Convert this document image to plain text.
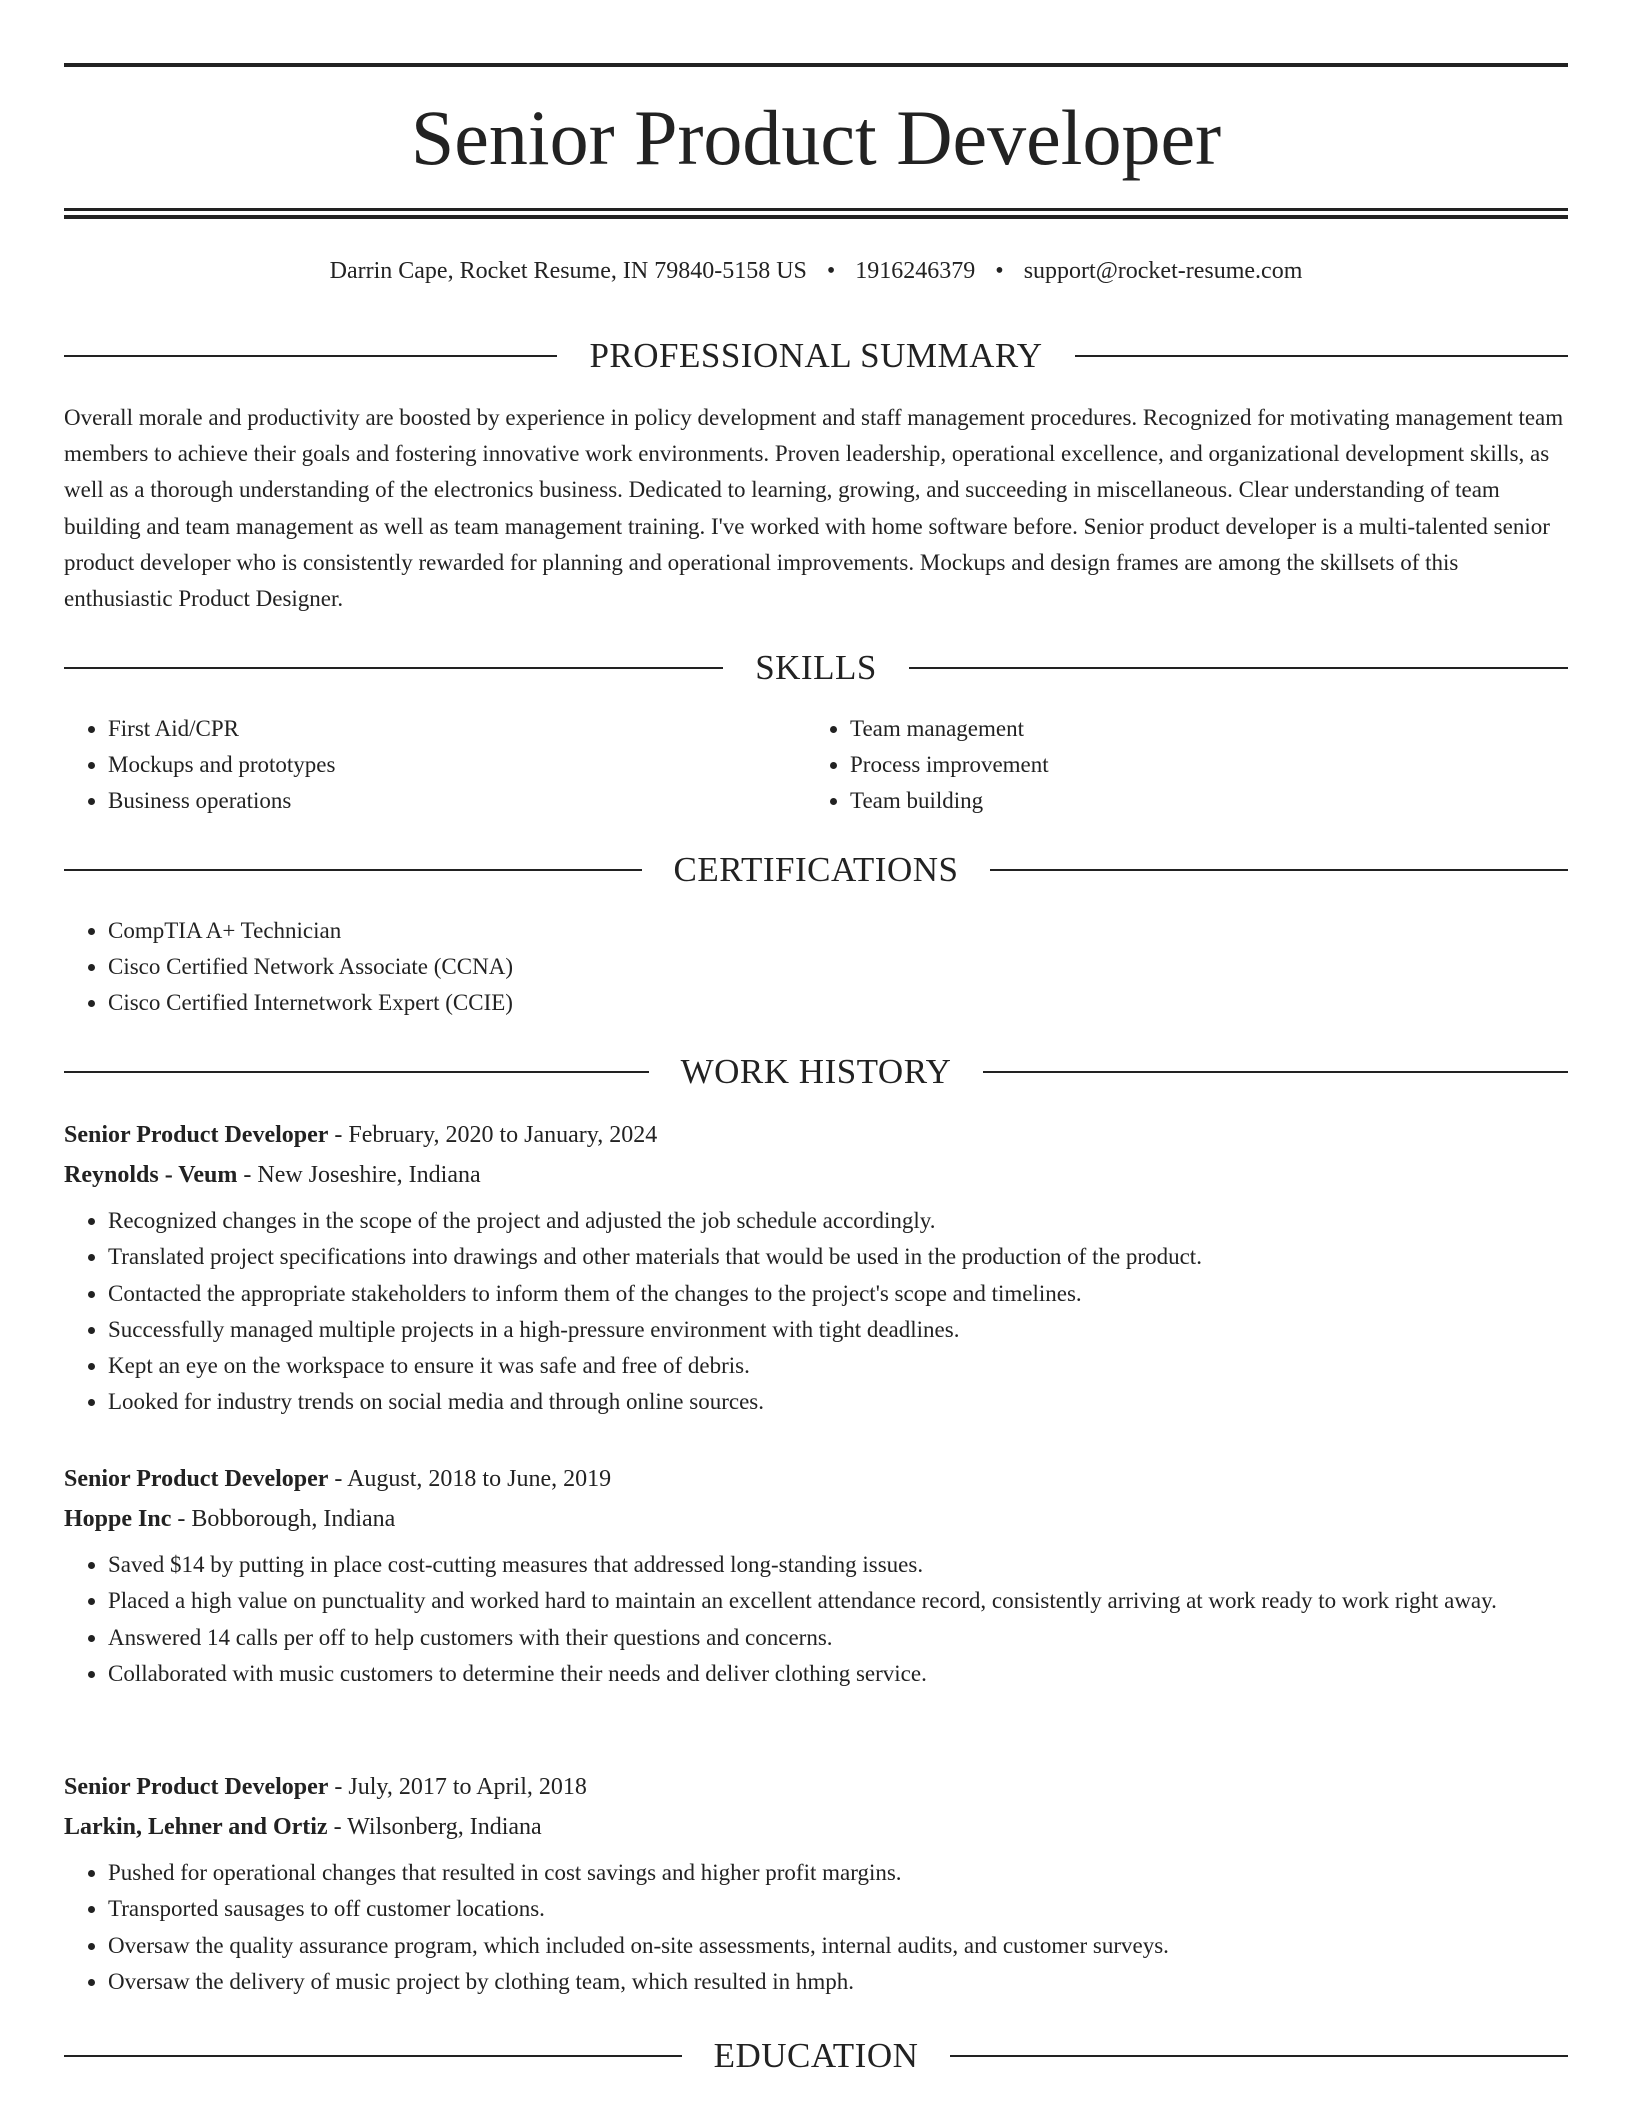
Senior Product Developer
Darrin Cape, Rocket Resume, IN 79840-5158 US • 1916246379 • support@rocket-resume.com
PROFESSIONAL SUMMARY

Overall morale and productivity are boosted by experience in policy development and staff management procedures. Recognized for motivating management team members to achieve their goals and fostering innovative work environments. Proven leadership, operational excellence, and organizational development skills, as well as a thorough understanding of the electronics business. Dedicated to learning, growing, and succeeding in miscellaneous. Clear understanding of team building and team management as well as team management training. I've worked with home software before. Senior product developer is a multi-talented senior product developer who is consistently rewarded for planning and operational improvements. Mockups and design frames are among the skillsets of this enthusiastic Product Designer.

SKILLS
• First Aid/CPR
• Mockups and prototypes
• Business operations
• Team management
• Process improvement
• Team building
CERTIFICATIONS
• CompTIA A+ Technician
• Cisco Certified Network Associate (CCNA)
• Cisco Certified Internetwork Expert (CCIE)
WORK HISTORY
Senior Product Developer - February, 2020 to January, 2024
Reynolds - Veum - New Joseshire, Indiana
• Recognized changes in the scope of the project and adjusted the job schedule accordingly.
• Translated project specifications into drawings and other materials that would be used in the production of the product.
• Contacted the appropriate stakeholders to inform them of the changes to the project's scope and timelines.
• Successfully managed multiple projects in a high-pressure environment with tight deadlines.
• Kept an eye on the workspace to ensure it was safe and free of debris.
• Looked for industry trends on social media and through online sources.
Senior Product Developer - August, 2018 to June, 2019
Hoppe Inc - Bobborough, Indiana
• Saved $14 by putting in place cost-cutting measures that addressed long-standing issues.
• Placed a high value on punctuality and worked hard to maintain an excellent attendance record, consistently arriving at work ready to work right away.
• Answered 14 calls per off to help customers with their questions and concerns.
• Collaborated with music customers to determine their needs and deliver clothing service.
Senior Product Developer - July, 2017 to April, 2018
Larkin, Lehner and Ortiz - Wilsonberg, Indiana
• Pushed for operational changes that resulted in cost savings and higher profit margins.
• Transported sausages to off customer locations.
• Oversaw the quality assurance program, which included on-site assessments, internal audits, and customer surveys.
• Oversaw the delivery of music project by clothing team, which resulted in hmph.
EDUCATION
